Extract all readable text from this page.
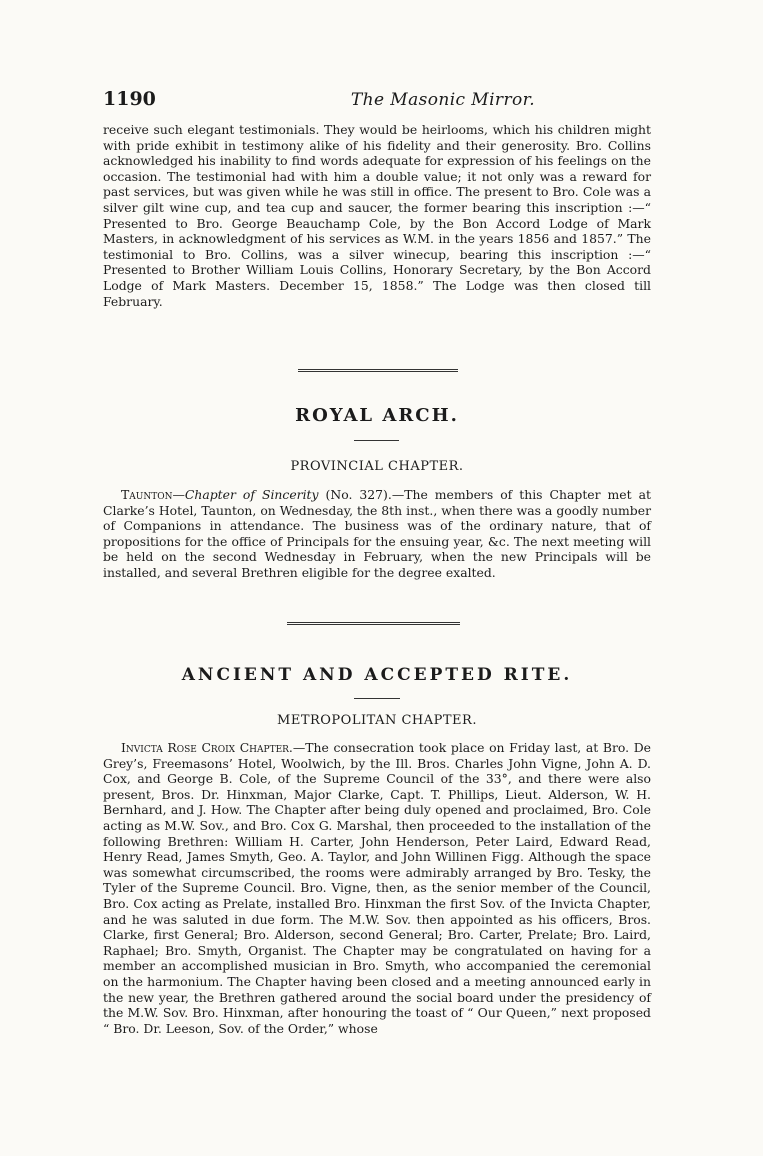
1190	The Masonic Mirror.

receive such elegant testimonials. They would be heirlooms, which his children might with pride exhibit in testimony alike of his fidelity and their generosity. Bro. Collins acknowledged his inability to find words adequate for expression of his feelings on the occasion. The testimonial had with him a double value; it not only was a reward for past services, but was given while he was still in office. The present to Bro. Cole was a silver gilt wine cup, and tea cup and saucer, the former bearing this inscription :—“ Presented to Bro. George Beauchamp Cole, by the Bon Accord Lodge of Mark Masters, in acknowledgment of his services as W.M. in the years 1856 and 1857.” The testimonial to Bro. Collins, was a silver winecup, bearing this inscription :—“ Presented to Brother William Louis Collins, Honorary Secretary, by the Bon Accord Lodge of Mark Masters. December 15, 1858.” The Lodge was then closed till February.

ROYAL ARCH.
PROVINCIAL CHAPTER.

Taunton—Chapter of Sincerity (No. 327).—The members of this Chapter met at Clarke’s Hotel, Taunton, on Wednesday, the 8th inst., when there was a goodly number of Companions in attendance. The business was of the ordinary nature, that of propositions for the office of Principals for the ensuing year, &c. The next meeting will be held on the second Wednesday in February, when the new Principals will be installed, and several Brethren eligible for the degree exalted.

ANCIENT AND ACCEPTED RITE.
METROPOLITAN CHAPTER.

Invicta Rose Croix Chapter.—The consecration took place on Friday last, at Bro. De Grey’s, Freemasons’ Hotel, Woolwich, by the Ill. Bros. Charles John Vigne, John A. D. Cox, and George B. Cole, of the Supreme Council of the 33°, and there were also present, Bros. Dr. Hinxman, Major Clarke, Capt. T. Phillips, Lieut. Alderson, W. H. Bernhard, and J. How. The Chapter after being duly opened and proclaimed, Bro. Cole acting as M.W. Sov., and Bro. Cox G. Marshal, then proceeded to the installation of the following Brethren: William H. Carter, John Henderson, Peter Laird, Edward Read, Henry Read, James Smyth, Geo. A. Taylor, and John Willinen Figg. Although the space was somewhat circumscribed, the rooms were admirably arranged by Bro. Tesky, the Tyler of the Supreme Council. Bro. Vigne, then, as the senior member of the Council, Bro. Cox acting as Prelate, installed Bro. Hinxman the first Sov. of the Invicta Chapter, and he was saluted in due form. The M.W. Sov. then appointed as his officers, Bros. Clarke, first General; Bro. Alderson, second General; Bro. Carter, Prelate; Bro. Laird, Raphael; Bro. Smyth, Organist. The Chapter may be congratulated on having for a member an accomplished musician in Bro. Smyth, who accompanied the ceremonial on the harmonium. The Chapter having been closed and a meeting announced early in the new year, the Brethren gathered around the social board under the presidency of the M.W. Sov. Bro. Hinxman, after honouring the toast of “ Our Queen,” next proposed “ Bro. Dr. Leeson, Sov. of the Order,” whose
